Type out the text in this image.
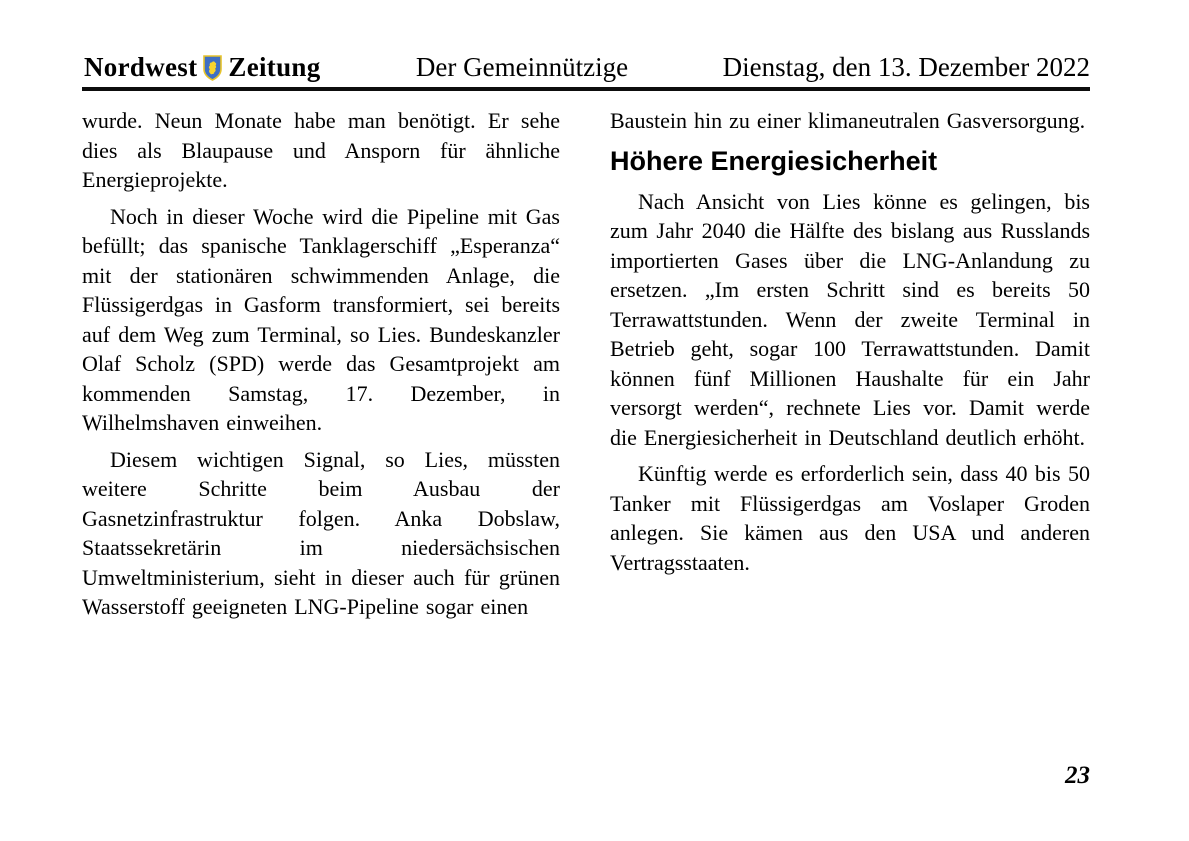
Nordwest Zeitung	Der Gemeinnützige	Dienstag, den 13. Dezember 2022

wurde. Neun Monate habe man benötigt. Er sehe dies als Blaupause und Ansporn für ähnliche Energieprojekte.

Noch in dieser Woche wird die Pipeline mit Gas befüllt; das spanische Tanklagerschiff „Esperanza“ mit der stationären schwimmenden Anlage, die Flüssigerdgas in Gasform transformiert, sei bereits auf dem Weg zum Terminal, so Lies. Bundeskanzler Olaf Scholz (SPD) werde das Gesamtprojekt am kommenden Samstag, 17. Dezember, in Wilhelmshaven einweihen.

Diesem wichtigen Signal, so Lies, müssten weitere Schritte beim Ausbau der Gasnetzinfrastruktur folgen. Anka Dobslaw, Staatssekretärin im niedersächsischen Umweltministerium, sieht in dieser auch für grünen Wasserstoff geeigneten LNG-Pipeline sogar einen

Baustein hin zu einer klimaneutralen Gasversorgung.

Höhere Energiesicherheit

Nach Ansicht von Lies könne es gelingen, bis zum Jahr 2040 die Hälfte des bislang aus Russlands importierten Gases über die LNG-Anlandung zu ersetzen. „Im ersten Schritt sind es bereits 50 Terrawattstunden. Wenn der zweite Terminal in Betrieb geht, sogar 100 Terrawattstunden. Damit können fünf Millionen Haushalte für ein Jahr versorgt werden“, rechnete Lies vor. Damit werde die Energiesicherheit in Deutschland deutlich erhöht.

Künftig werde es erforderlich sein, dass 40 bis 50 Tanker mit Flüssigerdgas am Voslaper Groden anlegen. Sie kämen aus den USA und anderen Vertragsstaaten.

23
